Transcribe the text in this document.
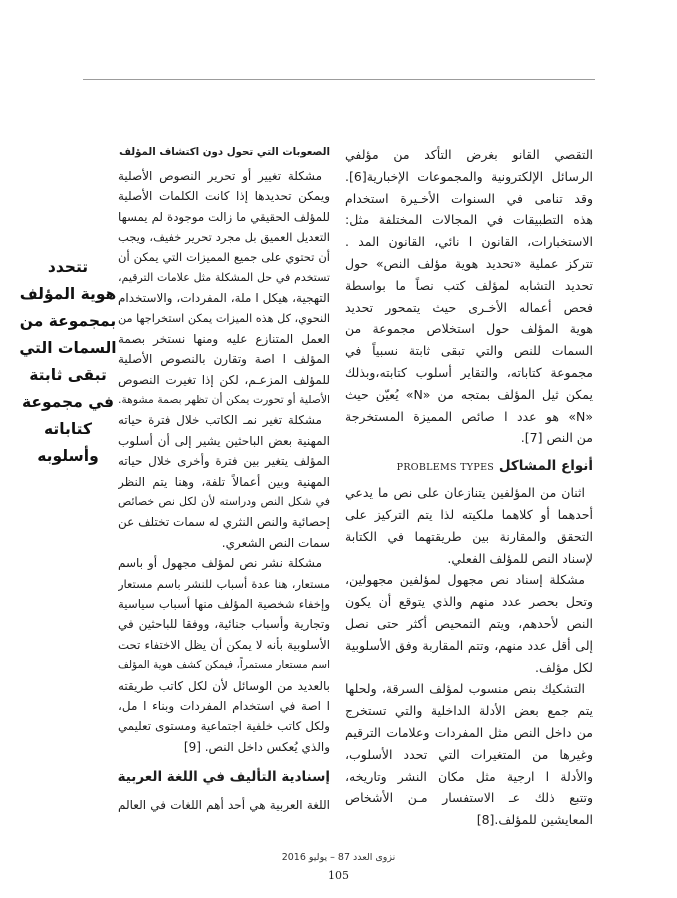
التقصي القانو بغرض التأكد من مؤلفي
الرسائل الإلكترونية والمجموعات الإخبارية[6].
وقد تنامى في السنوات الأخـيرة استخدام
هذه التطبيقات في المجالات المختلفة مثل:
الاستخبارات، القانون ا نائي، القانون المد .
تتركز عملية «تحديد هوية مؤلف النص» حول
تحديد التشابه لمؤلف كتب نصاً ما بواسطة
فحص أعماله الأخـرى حيث يتمحور تحديد
هوية المؤلف حول استخلاص مجموعة من
السمات للنص والتي تبقى ثابتة نسبياً في
مجموعة كتاباته، والتقاير أسلوب كتابته،وبذلك
يمكن ثيل المؤلف بمتجه من «N» يُعيّن حيث
«N» هو عدد ا صائص المميزة المستخرجة
من النص [7].
أنواع المشاكل PROBLEMS TYPES
اثنان من المؤلفين يتنازعان على نص ما يدعي
أحدهما أو كلاهما ملكيته لذا يتم التركيز على
التحقق والمقارنة بين طريقتهما في الكتابة
لإسناد النص للمؤلف الفعلي.
مشكلة إسناد نص مجهول لمؤلفين مجهولين،
وتحل بحصر عدد منهم والذي يتوقع أن يكون
النص لأحدهم، ويتم التمحيص أكثر حتى نصل
إلى أقل عدد منهم، وتتم المقاربة وفق الأسلوبية
لكل مؤلف.
التشكيك بنص منسوب لمؤلف السرقة، ولحلها
يتم جمع بعض الأدلة الداخلية والتي تستخرج
من داخل النص مثل المفردات وعلامات الترقيم
وغيرها من المتغيرات التي تحدد الأسلوب،
والأدلة ا ارجية مثل مكان النشر وتاريخه،
وتتبع ذلك عـ الاستفسار مـن الأشخاص
المعايشين للمؤلف.[8]
الصعوبات التي تحول دون اكتشاف المؤلف
مشكلة تغيير أو تحرير النصوص الأصلية
ويمكن تحديدها إذا كانت الكلمات الأصلية
للمؤلف الحقيقي ما زالت موجودة لم يمسها
التعديل العميق بل مجرد تحرير خفيف، ويجب
أن تحتوي على جميع المميزات التي يمكن أن
تستخدم في حل المشكلة مثل علامات الترقيم،
التهجية، هيكل ا ملة، المفردات، والاستخدام
النحوي، كل هذه الميزات يمكن استخراجها من
العمل المتنازع عليه ومنها نستخر بصمة
المؤلف ا اصة وتقارن بالنصوص الأصلية
للمؤلف المزعـم، لكن إذا تغيرت النصوص
الأصلية أو تحورت يمكن أن تظهر بصمة مشوهة.
مشكلة تغير نمـ الكاتب خلال فترة حياته
المهنية بعض الباحثين يشير إلى أن أسلوب
المؤلف يتغير بين فترة وأخرى خلال حياته
المهنية وبين أعمالاً تلفة، وهنا يتم النظر
في شكل النص ودراسته لأن لكل نص خصائص
إحصائية والنص النثري له سمات تختلف عن
سمات النص الشعري.
مشكلة نشر نص لمؤلف مجهول أو باسم
مستعار، هنا عدة أسباب للنشر باسم مستعار
وإخفاء شخصية المؤلف منها أسباب سياسية
وتجارية وأسباب جنائية، ووفقا للباحثين في
الأسلوبية بأنه لا يمكن أن يظل الاختفاء تحت
اسم مستعار مستمراً، فيمكن كشف هوية المؤلف
بالعديد من الوسائل لأن لكل كاتب طريقته
ا اصة في استخدام المفردات وبناء ا مل،
ولكل كاتب خلفية اجتماعية ومستوى تعليمي
والذي يُعكس داخل النص. [9]
إسنادية التأليف في اللغة العربية
اللغة العربية هي أحد أهم اللغات في العالم
تتحدد
هوية المؤلف
بمجموعة من
السمات التي
تبقى ثابتة
في مجموعة
كتاباته
وأسلوبه
نزوى العدد 87 – يوليو 2016
105
